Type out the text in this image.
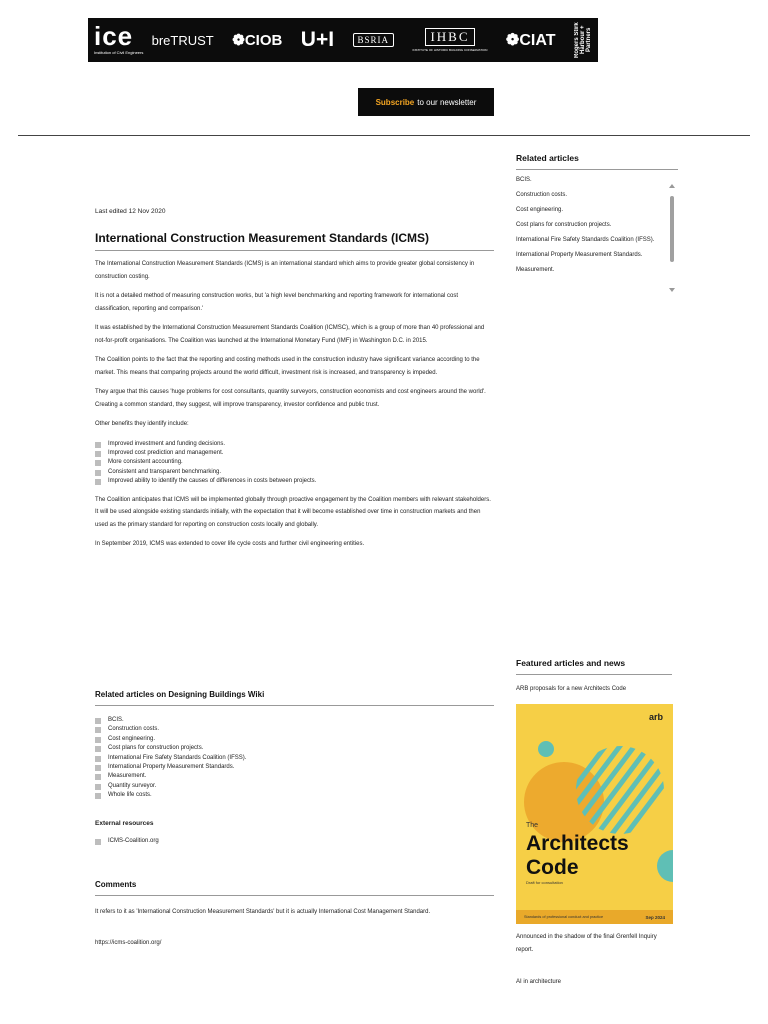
ice
Institution of Civil Engineers
breTRUST ❁CIOB U+I	BSRIA	IHBC
INSTITUTE OF HISTORIC BUILDING CONSERVATION
❁CIAT	Rogers Stirk Harbour + Partners
Subscribe to our newsletter
Last edited 12 Nov 2020
International Construction Measurement Standards (ICMS)

The International Construction Measurement Standards (ICMS) is an international standard which aims to provide greater global consistency in construction costing.

It is not a detailed method of measuring construction works, but 'a high level benchmarking and reporting framework for international cost classification, reporting and comparison.'

It was established by the International Construction Measurement Standards Coalition (ICMSC), which is a group of more than 40 professional and not-for-profit organisations. The Coalition was launched at the International Monetary Fund (IMF) in Washington D.C. in 2015.

The Coalition points to the fact that the reporting and costing methods used in the construction industry have significant variance according to the market. This means that comparing projects around the world difficult, investment risk is increased, and transparency is impeded.

They argue that this causes 'huge problems for cost consultants, quantity surveyors, construction economists and cost engineers around the world'. Creating a common standard, they suggest, will improve transparency, investor confidence and public trust.

Other benefits they identify include:

Improved investment and funding decisions.
Improved cost prediction and management.
More consistent accounting.
Consistent and transparent benchmarking.
Improved ability to identify the causes of differences in costs between projects.

The Coalition anticipates that ICMS will be implemented globally through proactive engagement by the Coalition members with relevant stakeholders. It will be used alongside existing standards initially, with the expectation that it will become established over time in construction markets and then used as the primary standard for reporting on construction costs locally and globally.

In September 2019, ICMS was extended to cover life cycle costs and further civil engineering entities.

Related articles on Designing Buildings Wiki
BCIS.
Construction costs.
Cost engineering.
Cost plans for construction projects.
International Fire Safety Standards Coalition (IFSS).
International Property Measurement Standards.
Measurement.
Quantity surveyor.
Whole life costs.
External resources
ICMS-Coalition.org
Comments

It refers to it as 'International Construction Measurement Standards' but it is actually International Cost Management Standard.

https://icms-coalition.org/

Related articles
BCIS.
Construction costs.
Cost engineering.
Cost plans for construction projects.
International Fire Safety Standards Coalition (IFSS).
International Property Measurement Standards.
Measurement.
Featured articles and news
ARB proposals for a new Architects Code
arb
The
Architects Code
Draft for consultation
Standards of professional conduct and practice	Sep 2024
Announced in the shadow of the final Grenfell Inquiry report.
AI in architecture
